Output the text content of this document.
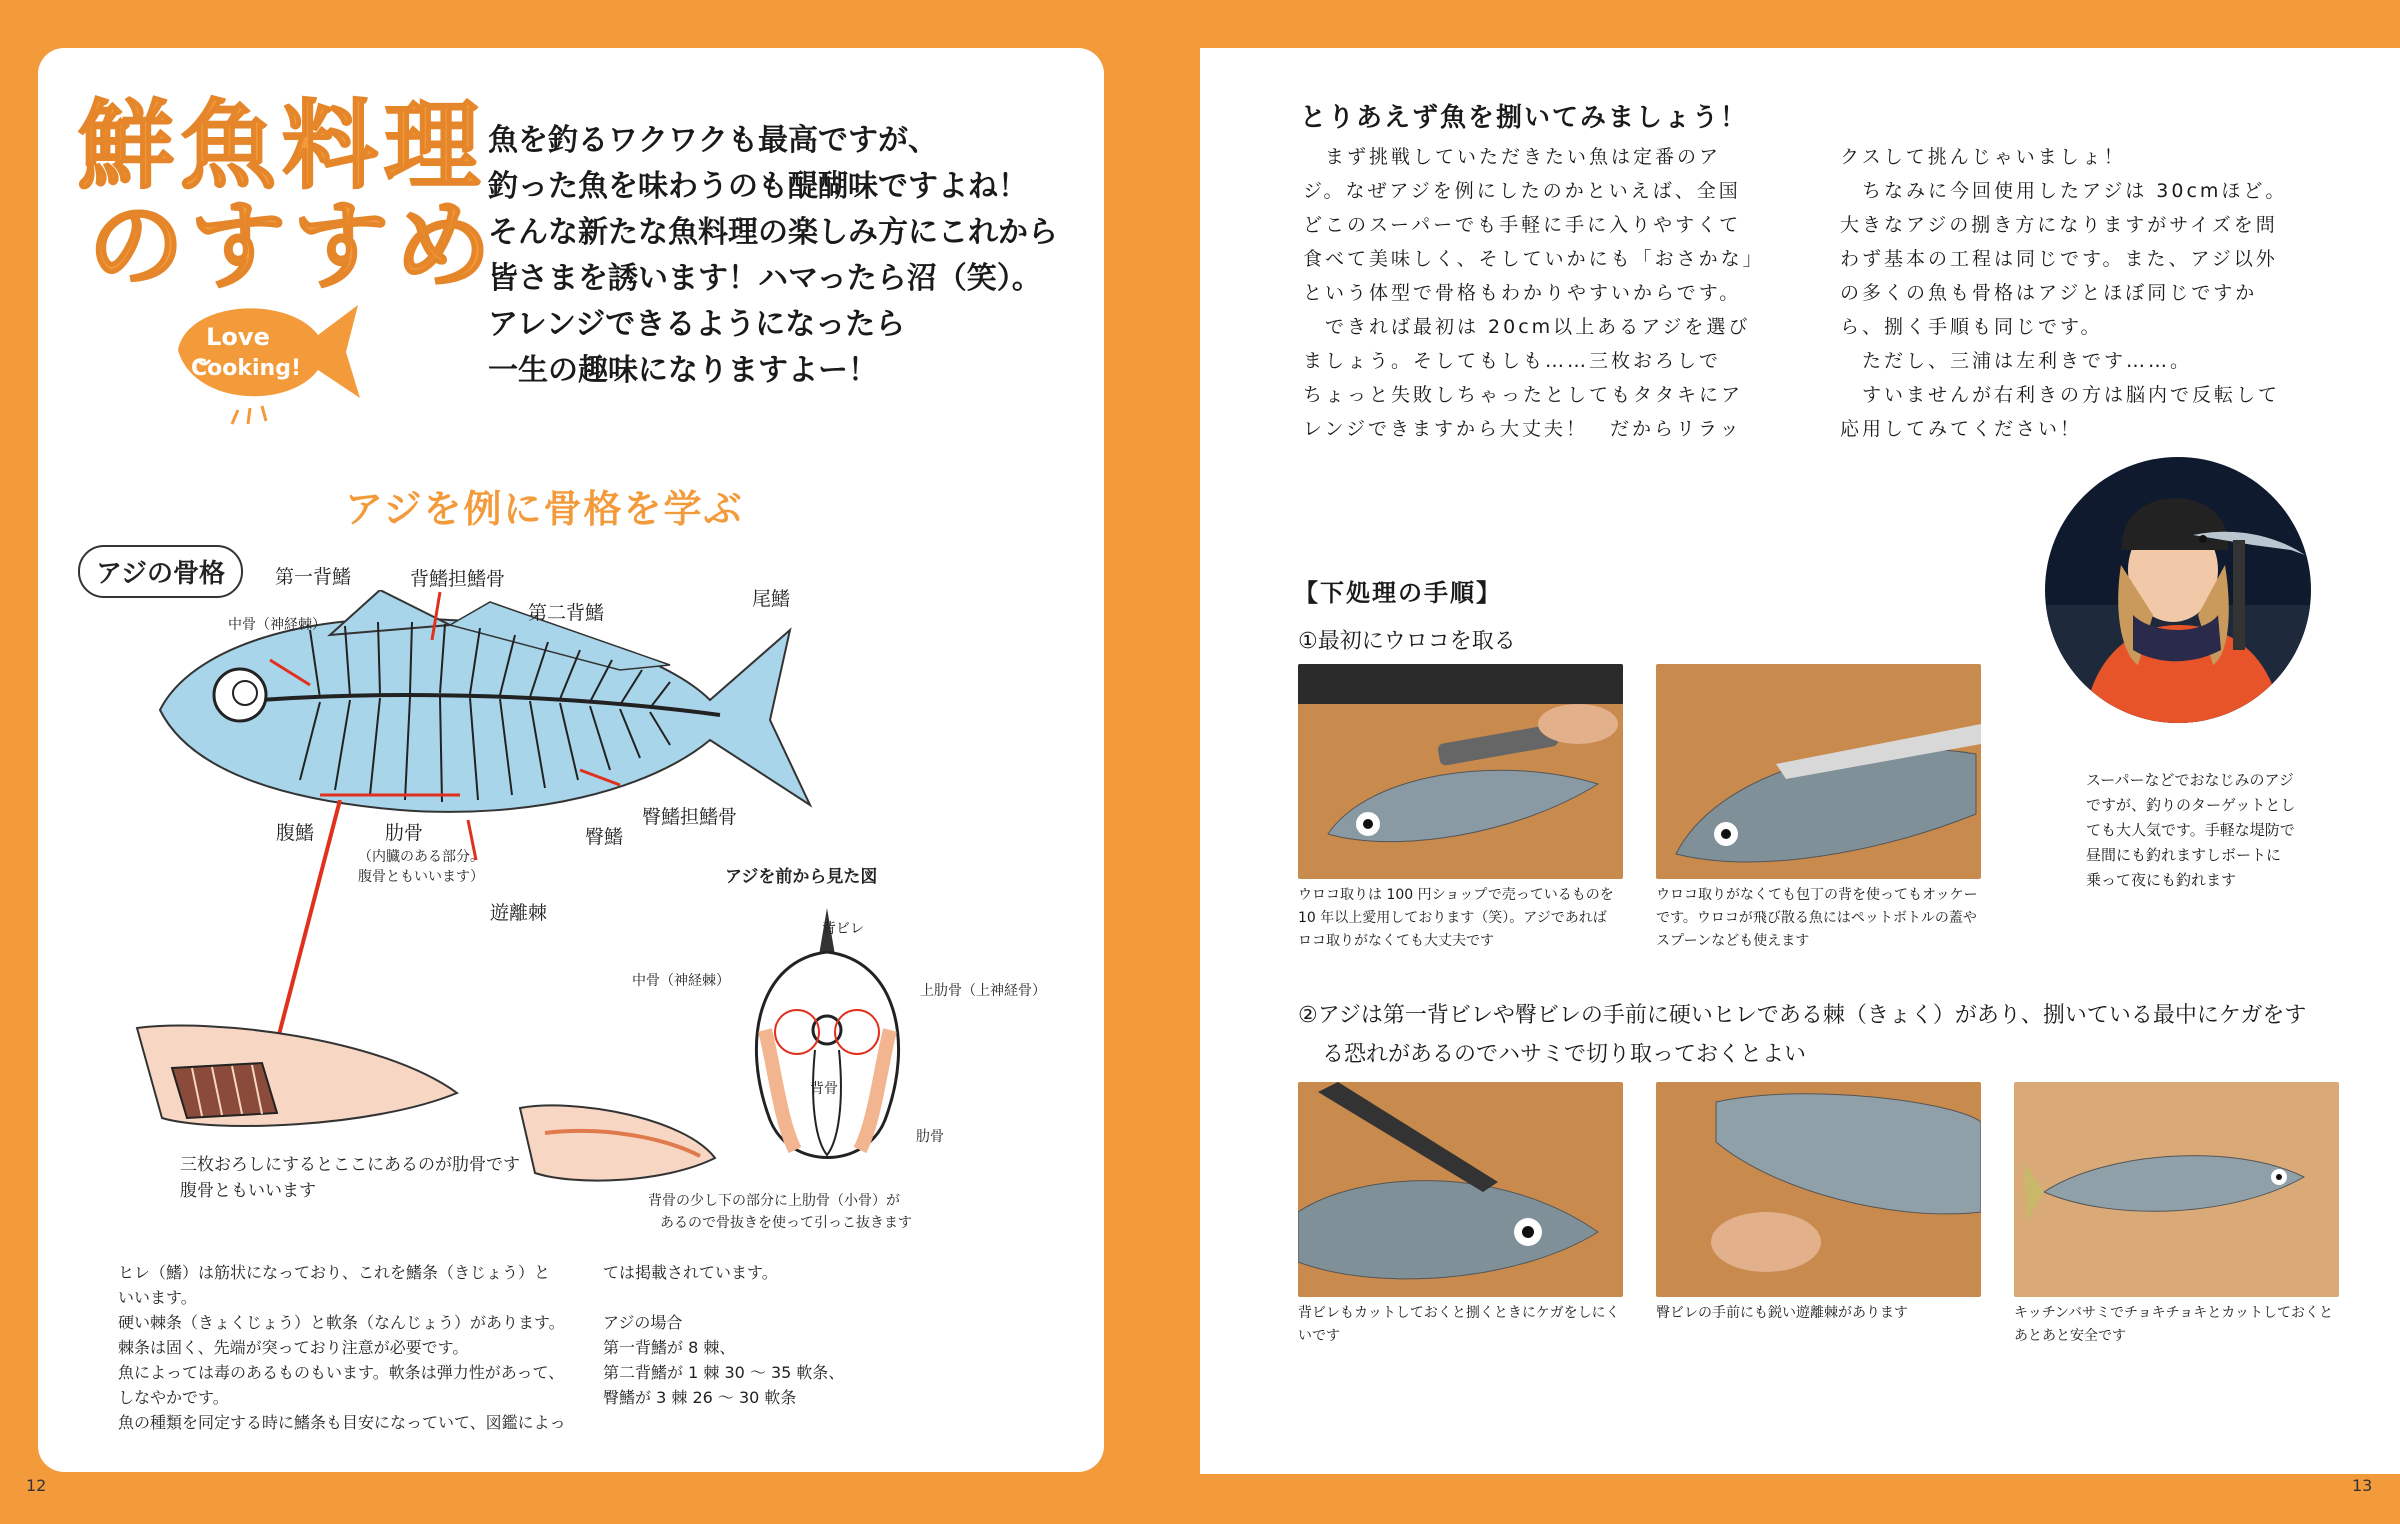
鮮魚料理
のすすめ
魚を釣るワクワクも最高ですが、
釣った魚を味わうのも醍醐味ですよね！
そんな新たな魚料理の楽しみ方にこれから
皆さまを誘います！ハマったら沼（笑）。
アレンジできるようになったら
一生の趣味になりますよー！
Love
Cooking!
アジを例に骨格を学ぶ
アジの骨格	第一背鰭	背鰭担鰭骨
第二背鰭
尾鰭
中骨（神経棘）
腹鰭	肋骨
（内臓のある部分。
腹骨ともいいます）
臀鰭
臀鰭担鰭骨
遊離棘
三枚おろしにするとここにあるのが肋骨です
腹骨ともいいます
アジを前から見た図
背ビレ
中骨（神経棘）
上肋骨（上神経骨）
背骨
肋骨
背骨の少し下の部分に上肋骨（小骨）が
あるので骨抜きを使って引っこ抜きます
ヒレ（鰭）は筋状になっており、これを鰭条（きじょう）と
いいます。
硬い棘条（きょくじょう）と軟条（なんじょう）があります。
棘条は固く、先端が突っており注意が必要です。
魚によっては毒のあるものもいます。軟条は弾力性があって、
しなやかです。
魚の種類を同定する時に鰭条も目安になっていて、図鑑によっ
ては掲載されています。
アジの場合
第一背鰭が 8 棘、
第二背鰭が 1 棘 30 ～ 35 軟条、
臀鰭が 3 棘 26 ～ 30 軟条
12
とりあえず魚を捌いてみましょう！
　まず挑戦していただきたい魚は定番のア
ジ。なぜアジを例にしたのかといえば、全国
どこのスーパーでも手軽に手に入りやすくて
食べて美味しく、そしていかにも「おさかな」
という体型で骨格もわかりやすいからです。
　できれば最初は 20cm以上あるアジを選び
ましょう。そしてもしも……三枚おろしで
ちょっと失敗しちゃったとしてもタタキにア
レンジできますから大丈夫！　だからリラッ
クスして挑んじゃいましょ！
　ちなみに今回使用したアジは 30cmほど。
大きなアジの捌き方になりますがサイズを問
わず基本の工程は同じです。また、アジ以外
の多くの魚も骨格はアジとほぼ同じですか
ら、捌く手順も同じです。
　ただし、三浦は左利きです……。
　すいませんが右利きの方は脳内で反転して
応用してみてください！
スーパーなどでおなじみのアジ
ですが、釣りのターゲットとし
ても大人気です。手軽な堤防で
昼間にも釣れますしボートに
乗って夜にも釣れます
【下処理の手順】
①最初にウロコを取る
ウロコ取りは 100 円ショップで売っているものを
10 年以上愛用しております（笑）。アジであれば
ロコ取りがなくても大丈夫です
ウロコ取りがなくても包丁の背を使ってもオッケー
です。ウロコが飛び散る魚にはペットボトルの蓋や
スプーンなども使えます
②アジは第一背ビレや臀ビレの手前に硬いヒレである棘（きょく）があり、捌いている最中にケガをす
る恐れがあるのでハサミで切り取っておくとよい
背ビレもカットしておくと捌くときにケガをしにく
いです
臀ビレの手前にも鋭い遊離棘があります	キッチンバサミでチョキチョキとカットしておくと
あとあと安全です
13
